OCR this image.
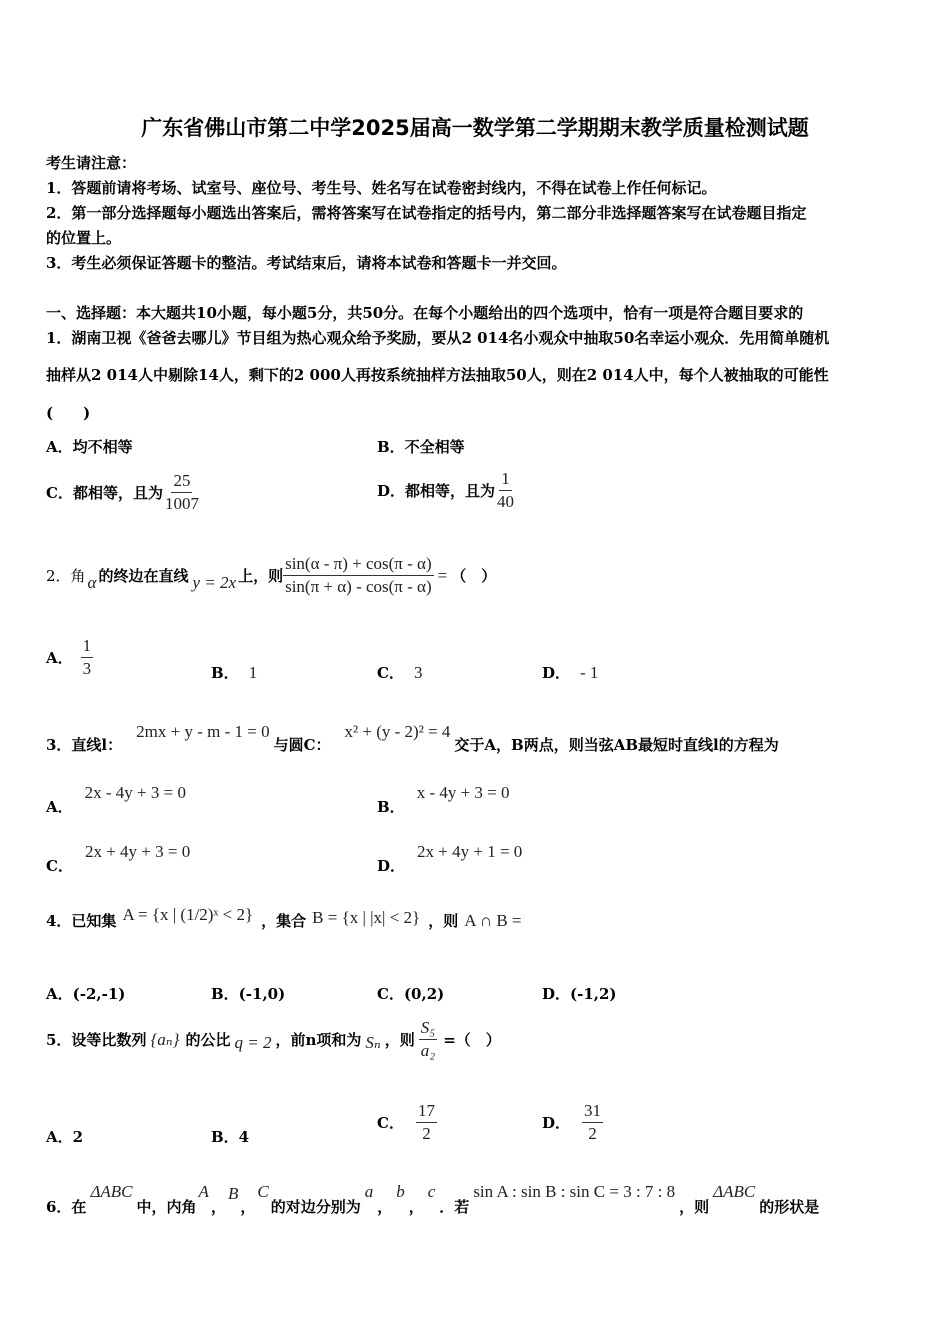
广东省佛山市第二中学2025届高一数学第二学期期末教学质量检测试题
考生请注意：
1．答题前请将考场、试室号、座位号、考生号、姓名写在试卷密封线内，不得在试卷上作任何标记。
2．第一部分选择题每小题选出答案后，需将答案写在试卷指定的括号内，第二部分非选择题答案写在试卷题目指定
的位置上。
3．考生必须保证答题卡的整洁。考试结束后，请将本试卷和答题卡一并交回。
一、选择题：本大题共10小题，每小题5分，共50分。在每个小题给出的四个选项中，恰有一项是符合题目要求的
1．湖南卫视《爸爸去哪儿》节目组为热心观众给予奖励，要从2 014名小观众中抽取50名幸运小观众．先用简单随机
抽样从2 014人中剔除14人，剩下的2 000人再按系统抽样方法抽取50人，则在2 014人中，每个人被抽取的可能性
(　　)
A．均不相等	B．不全相等
C．都相等，且为 $\frac{25}{1007}$	D．都相等，且为 $\frac{1}{40}$
2．角 α 的终边在直线 y = 2x 上，则 $\frac{\sin(\alpha - \pi) + \cos(\pi - \alpha)}{\sin(\pi + \alpha) - \cos(\pi - \alpha)}$ = （　）
A． $\frac{1}{3}$	B． 1	C． 3	D． - 1
3．直线l：
2mx + y - m - 1 = 0
与圆C：
x² + (y - 2)² = 4
交于A，B两点，则当弦AB最短时直线l的方程为
A．
2x - 4y + 3 = 0
B．
x - 4y + 3 = 0
C．
2x + 4y + 3 = 0
D．
2x + 4y + 1 = 0
4．已知集 A = {x | (1/2)ˣ < 2} ，集合 B = {x | |x| < 2} ，则 A ∩ B =
A．(-2,-1)	B．(-1,0)	C．(0,2)	D．(-1,2)
5．设等比数列 {aₙ} 的公比 q = 2 ，前n项和为 Sₙ ，则 $\frac{\text{S₅}}{\text{a₂}}$ =（　）
A．2	B．4
C． $\frac{17}{2}$	D． $\frac{31}{2}$
6．在
ΔABC
中，内角
A
，
B
，
C
的对边分别为
a
，
b
，
c
．若
sin A : sin B : sin C = 3 : 7 : 8
，则
ΔABC
的形状是
